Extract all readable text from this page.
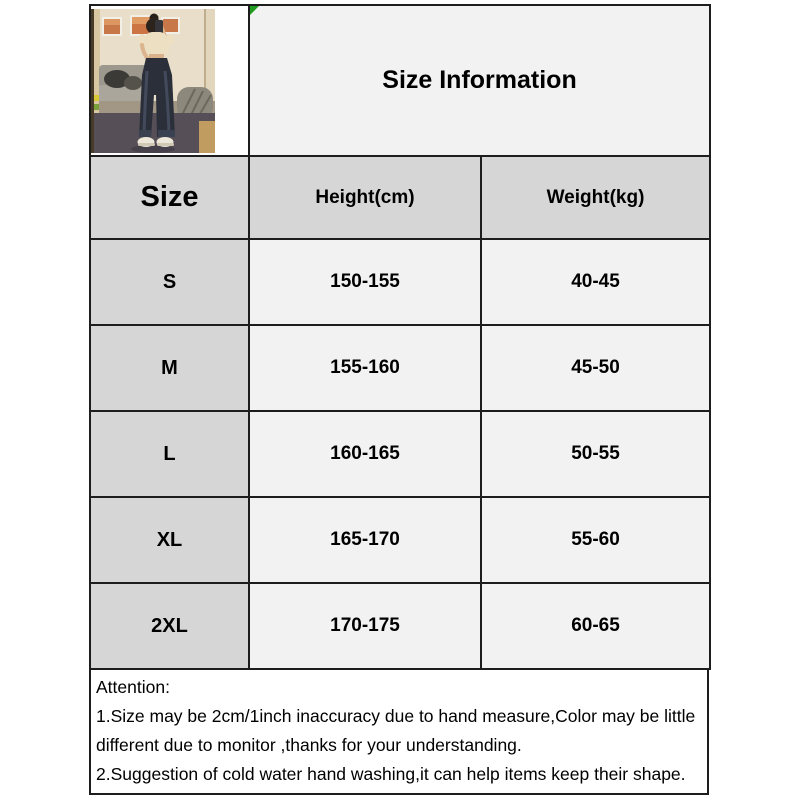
Size Information	
Size	Height(cm)	Weight(kg)
S	150-155	40-45
M	155-160	45-50
L	160-165	50-55
XL	165-170	55-60
2XL	170-175	60-65
Attention:
1.Size may be 2cm/1inch inaccuracy due to hand measure,Color may be little
different due to monitor ,thanks for your understanding.
2.Suggestion of cold water hand washing,it can help items keep their shape.
